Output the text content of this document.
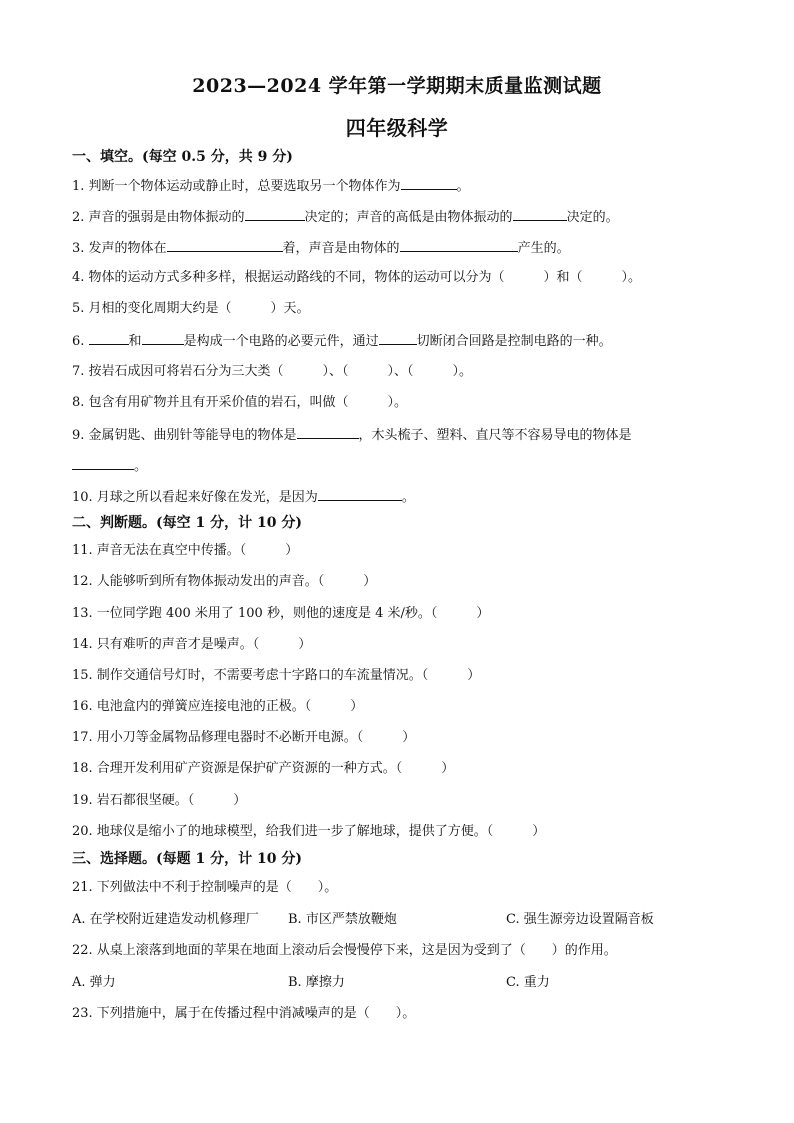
2023—2024 学年第一学期期末质量监测试题
四年级科学
一、填空。(每空 0.5 分，共 9 分)
1. 判断一个物体运动或静止时，总要选取另一个物体作为	。
2. 声音的强弱是由物体振动的	决定的；声音的高低是由物体振动的	决定的。
3. 发声的物体在	着，声音是由物体的	产生的。
4. 物体的运动方式多种多样，根据运动路线的不同，物体的运动可以分为（　　　）和（　　　）。
5. 月相的变化周期大约是（　　　）天。
6.	和	是构成一个电路的必要元件，通过	切断闭合回路是控制电路的一种。
7. 按岩石成因可将岩石分为三大类（　　　）、（　　　）、（　　　）。
8. 包含有用矿物并且有开采价值的岩石，叫做（　　　）。
9. 金属钥匙、曲别针等能导电的物体是	，木头梳子、塑料、直尺等不容易导电的物体是
。
10. 月球之所以看起来好像在发光，是因为	。
二、判断题。(每空 1 分，计 10 分)
11. 声音无法在真空中传播。（　　　）
12. 人能够听到所有物体振动发出的声音。（　　　）
13. 一位同学跑 400 米用了 100 秒，则他的速度是 4 米/秒。（　　　）
14. 只有难听的声音才是噪声。（　　　）
15. 制作交通信号灯时，不需要考虑十字路口的车流量情况。（　　　）
16. 电池盒内的弹簧应连接电池的正极。（　　　）
17. 用小刀等金属物品修理电器时不必断开电源。（　　　）
18. 合理开发利用矿产资源是保护矿产资源的一种方式。（　　　）
19. 岩石都很坚硬。（　　　）
20. 地球仪是缩小了的地球模型，给我们进一步了解地球，提供了方便。（　　　）
三、选择题。(每题 1 分，计 10 分)
21. 下列做法中不利于控制噪声的是（　　）。
A. 在学校附近建造发动机修理厂 B. 市区严禁放鞭炮	C. 强生源旁边设置隔音板
22. 从桌上滚落到地面的苹果在地面上滚动后会慢慢停下来，这是因为受到了（　　）的作用。
A. 弹力	B. 摩擦力	C. 重力
23. 下列措施中，属于在传播过程中消减噪声的是（　　）。
